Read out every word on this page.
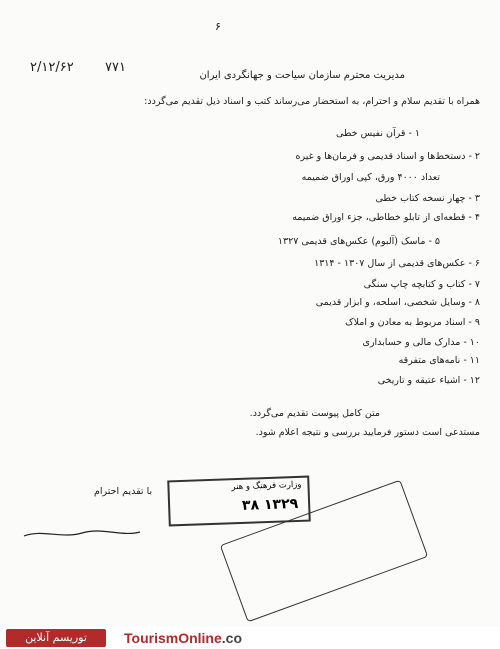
۶
۷۷۱
۲/۱۲/۶۲
مدیریت محترم سازمان سیاحت و جهانگردی ایران
همراه با تقدیم سلام و احترام، به استحضار می‌رساند کتب و اسناد ذیل تقدیم می‌گردد:
۱ - قرآن نفیس خطی
۲ - دستخط‌ها و اسناد قدیمی و فرمان‌ها و غیره
تعداد ۴۰۰۰ ورق، کپی اوراق ضمیمه
۳ - چهار نسخه کتاب خطی
۴ - قطعه‌ای از تابلو خطاطی، جزء اوراق ضمیمه
۵ - ماسک (آلبوم) عکس‌های قدیمی ۱۳۲۷
۶ - عکس‌های قدیمی از سال ۱۳۰۷ - ۱۳۱۴
۷ - کتاب و کتابچه چاپ سنگی
۸ - وسایل شخصی، اسلحه، و ابزار قدیمی
۹ - اسناد مربوط به معادن و املاک
۱۰ - مدارک مالی و حسابداری
۱۱ - نامه‌های متفرقه
۱۲ - اشیاء عتیقه و تاریخی
متن کامل پیوست تقدیم می‌گردد.
مستدعی است دستور فرمایید بررسی و نتیجه اعلام شود.
با تقدیم احترام	وزارت فرهنگ و هنر
۱۳۲۹ ۳۸
توریسم آنلاین	TourismOnline.co
